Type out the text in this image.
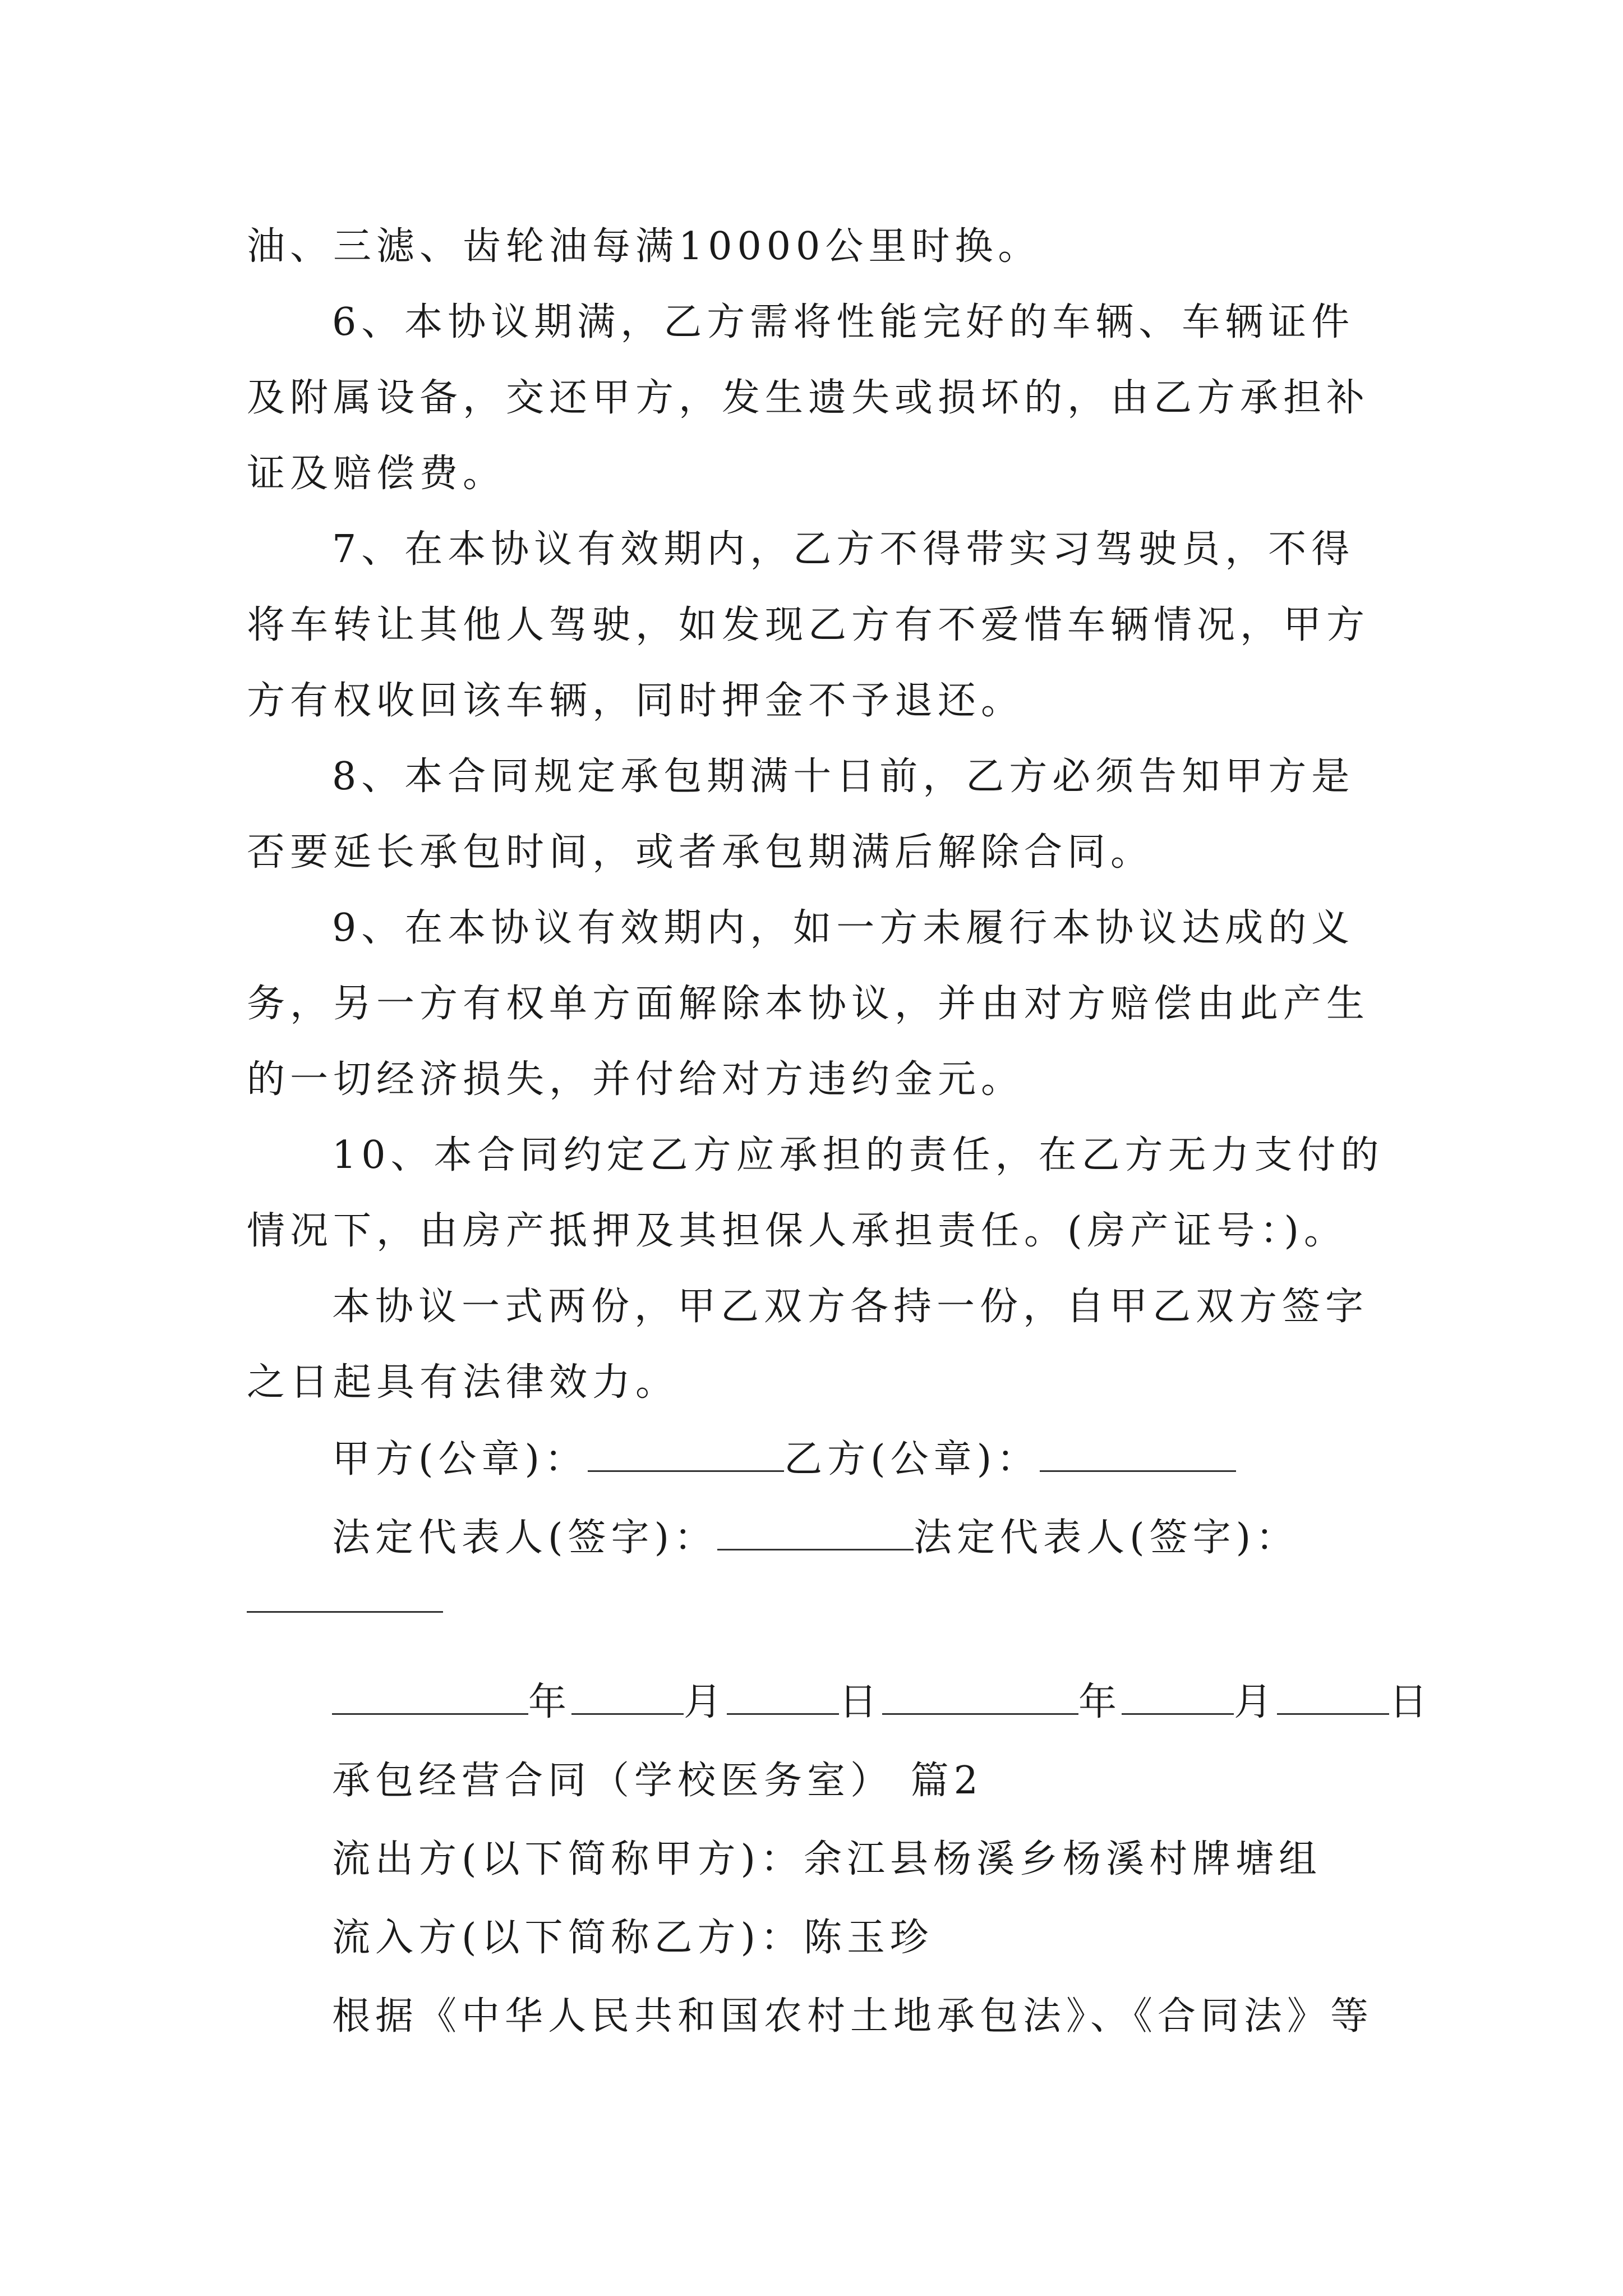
油、三滤、齿轮油每满10000公里时换。

6、本协议期满，乙方需将性能完好的车辆、车辆证件及附属设备，交还甲方，发生遗失或损坏的，由乙方承担补证及赔偿费。

7、在本协议有效期内，乙方不得带实习驾驶员，不得将车转让其他人驾驶，如发现乙方有不爱惜车辆情况，甲方方有权收回该车辆，同时押金不予退还。

8、本合同规定承包期满十日前，乙方必须告知甲方是否要延长承包时间，或者承包期满后解除合同。

9、在本协议有效期内，如一方未履行本协议达成的义务，另一方有权单方面解除本协议，并由对方赔偿由此产生的一切经济损失，并付给对方违约金元。

10、本合同约定乙方应承担的责任，在乙方无力支付的情况下，由房产抵押及其担保人承担责任。(房产证号：)。

本协议一式两份，甲乙双方各持一份，自甲乙双方签字之日起具有法律效力。

甲方(公章)：	乙方(公章)：
法定代表人(签字)：	法定代表人(签字)：
年	月	日	年	月	日
承包经营合同（学校医务室） 篇2
流出方(以下简称甲方)：余江县杨溪乡杨溪村牌塘组
流入方(以下简称乙方)：陈玉珍
根据《中华人民共和国农村土地承包法》、《合同法》等
